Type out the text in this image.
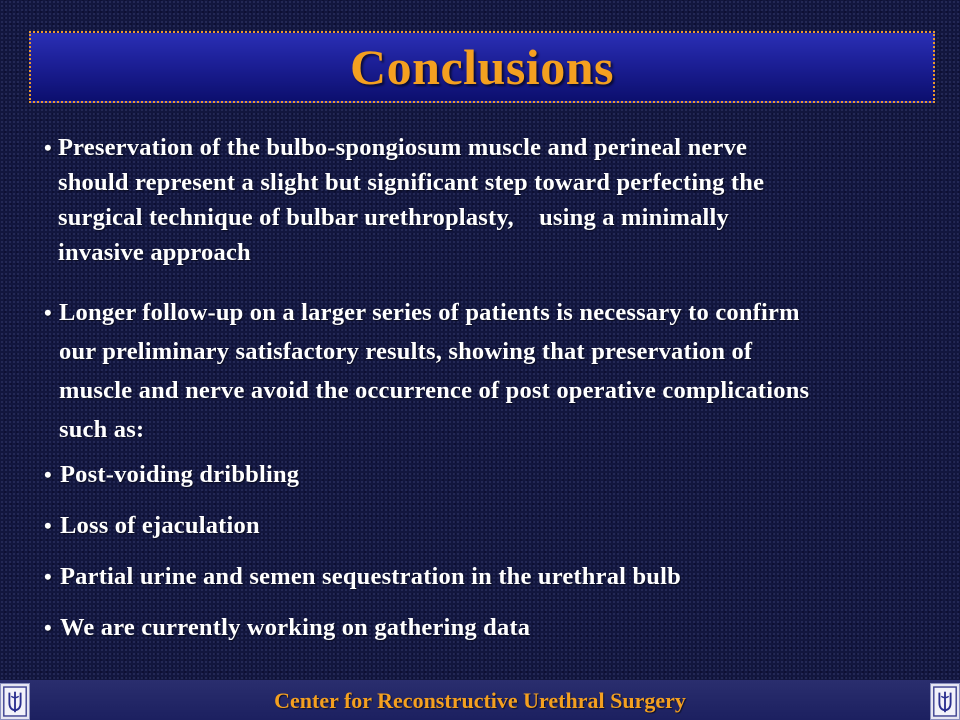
Conclusions
• Preservation of the bulbo-spongiosum muscle and perineal nerve
should represent a slight but significant step toward perfecting the
surgical technique of bulbar urethroplasty,    using a minimally
invasive approach
• Longer follow-up on a larger series of patients is necessary to confirm
our preliminary satisfactory results, showing that preservation of
muscle and nerve avoid the occurrence of post operative complications
such as:
• Post-voiding dribbling
• Loss of ejaculation
• Partial urine and semen sequestration in the urethral bulb
• We are currently working on gathering data
Center for Reconstructive Urethral Surgery
